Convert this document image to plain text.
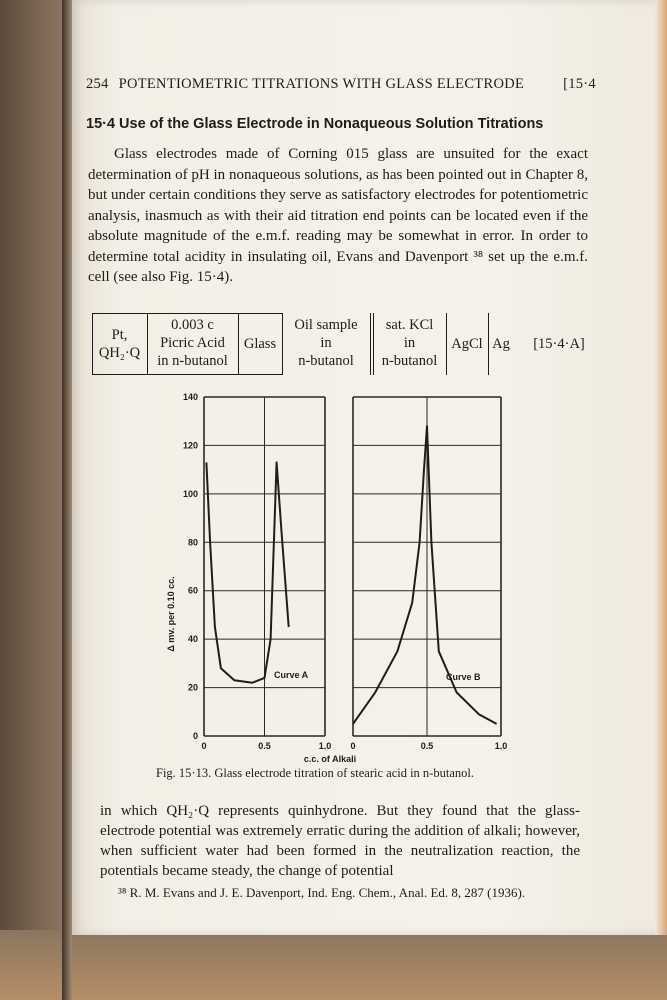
254 POTENTIOMETRIC TITRATIONS WITH GLASS ELECTRODE	[15·4
15·4 Use of the Glass Electrode in Nonaqueous Solution Titrations

Glass electrodes made of Corning 015 glass are unsuited for the exact determination of pH in nonaqueous solutions, as has been pointed out in Chapter 8, but under certain conditions they serve as satisfactory electrodes for potentiometric analysis, inasmuch as with their aid titration end points can be located even if the absolute magnitude of the e.m.f. reading may be somewhat in error. In order to determine total acidity in insulating oil, Evans and Davenport ³⁸ set up the e.m.f. cell (see also Fig. 15·4).

Pt,
QH₂·Q
0.003 c
Picric Acid
in n-butanol
Glass
Oil sample
in
n-butanol
sat. KCl
in
n-butanol
AgCl Ag	[15·4·A]
0	0.5	1.0
Curve A
0	0.5	1.0
Curve B
0
20
40
60
80
100
120
140
Δ mv. per 0.10 cc.
c.c. of Alkali
Fig. 15·13. Glass electrode titration of stearic acid in n-butanol.

in which QH₂·Q represents quinhydrone. But they found that the glass-electrode potential was extremely erratic during the addition of alkali; however, when sufficient water had been formed in the neutralization reaction, the potentials became steady, the change of potential

³⁸ R. M. Evans and J. E. Davenport, Ind. Eng. Chem., Anal. Ed. 8, 287 (1936).
